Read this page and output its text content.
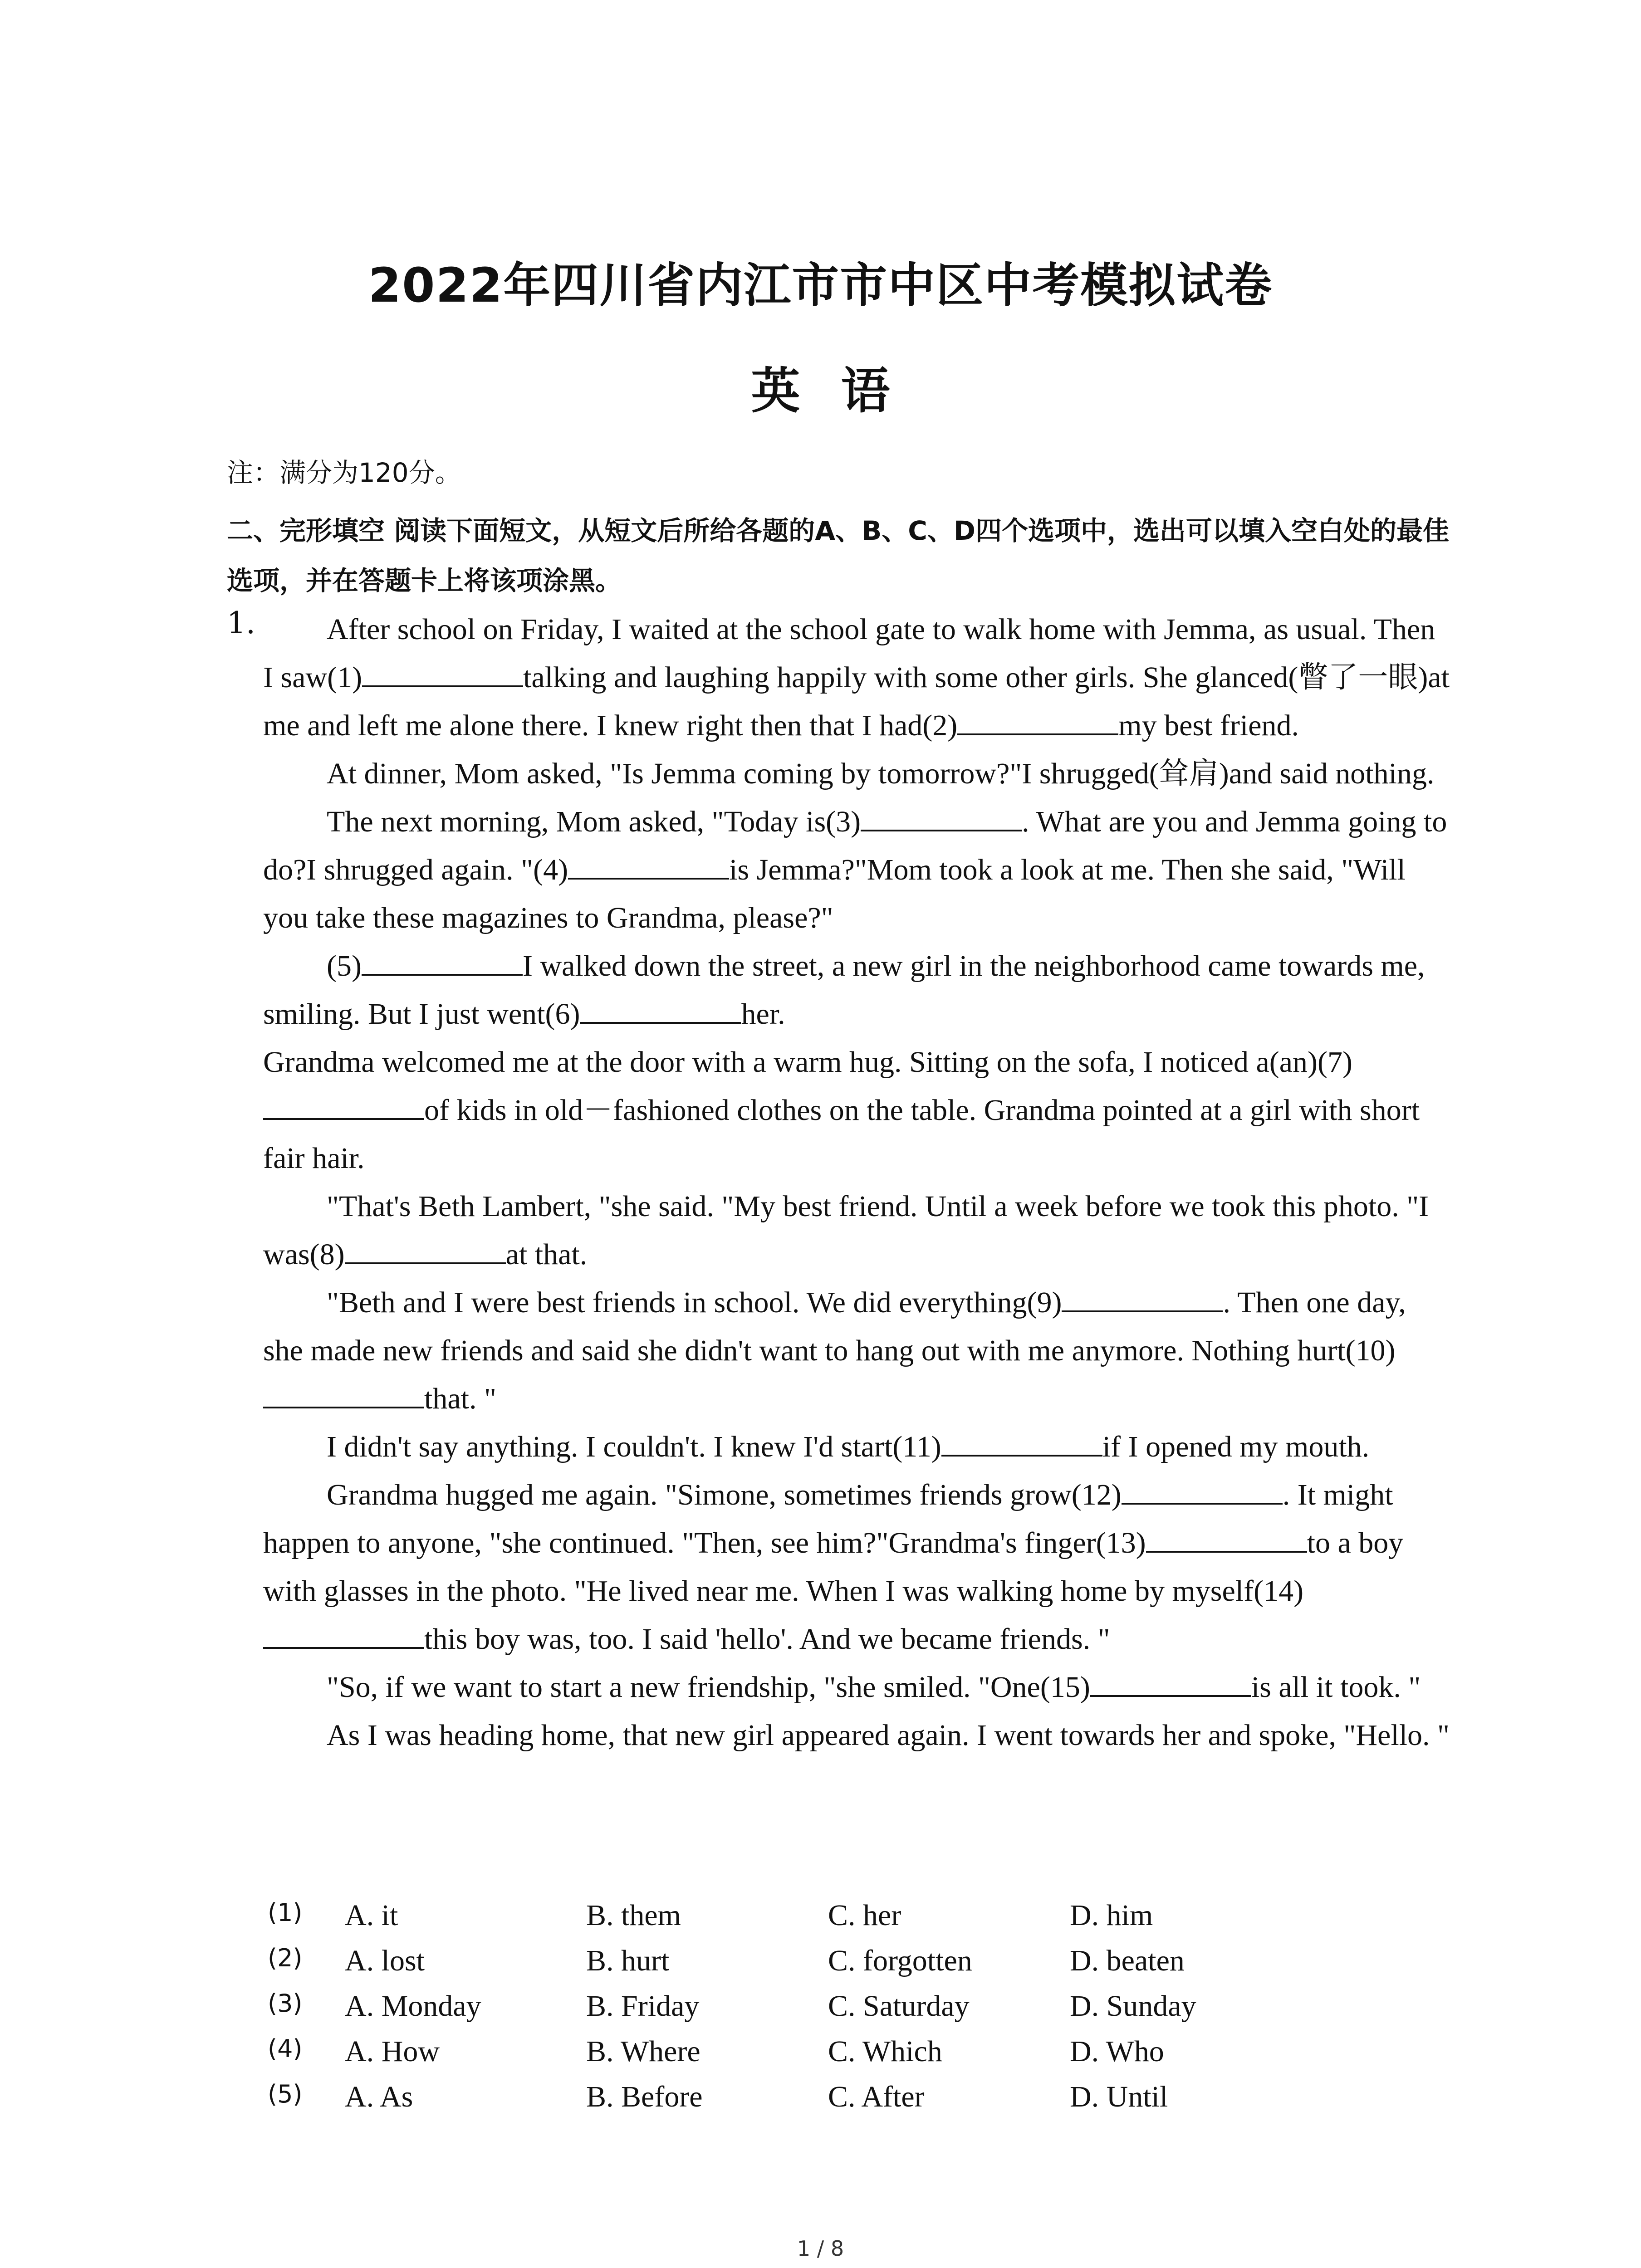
2022年四川省内江市市中区中考模拟试卷
英语
注：满分为120分。
二、完形填空 阅读下面短文，从短文后所给各题的A、B、C、D四个选项中，选出可以填入空白处的最佳选项，并在答题卡上将该项涂黑。
1.	After school on Friday, I waited at the school gate to walk home with Jemma, as usual. Then I saw(1)	talking and laughing happily with some other girls. She glanced(瞥了一眼)at me and left me alone there. I knew right then that I had(2)	my best friend.

At dinner, Mom asked, "Is Jemma coming by tomorrow?"I shrugged(耸肩)and said nothing.

The next morning, Mom asked, "Today is(3)	. What are you and Jemma going to do?I shrugged again. "(4)	is Jemma?"Mom took a look at me. Then she said, "Will you take these magazines to Grandma, please?"

(5)	I walked down the street, a new girl in the neighborhood came towards me, smiling. But I just went(6)	her.

Grandma welcomed me at the door with a warm hug. Sitting on the sofa, I noticed a(an)(7)of kids in old－fashioned clothes on the table. Grandma pointed at a girl with short fair hair.

"That's Beth Lambert, "she said. "My best friend. Until a week before we took this photo. "I was(8)	at that.

"Beth and I were best friends in school. We did everything(9)	. Then one day, she made new friends and said she didn't want to hang out with me anymore. Nothing hurt(10)that. "

I didn't say anything. I couldn't. I knew I'd start(11)	if I opened my mouth.

Grandma hugged me again. "Simone, sometimes friends grow(12)	. It might happen to anyone, "she continued. "Then, see him?"Grandma's finger(13)	to a boy with glasses in the photo. "He lived near me. When I was walking home by myself(14)this boy was, too. I said 'hello'. And we became friends. "

"So, if we want to start a new friendship, "she smiled. "One(15)	is all it took. "

As I was heading home, that new girl appeared again. I went towards her and spoke, "Hello. "

(1) A. it	B. them	C. her	D. him
(2) A. lost	B. hurt	C. forgotten	D. beaten
(3) A. Monday	B. Friday	C. Saturday	D. Sunday
(4) A. How	B. Where	C. Which	D. Who
(5) A. As	B. Before	C. After	D. Until
1 / 8
